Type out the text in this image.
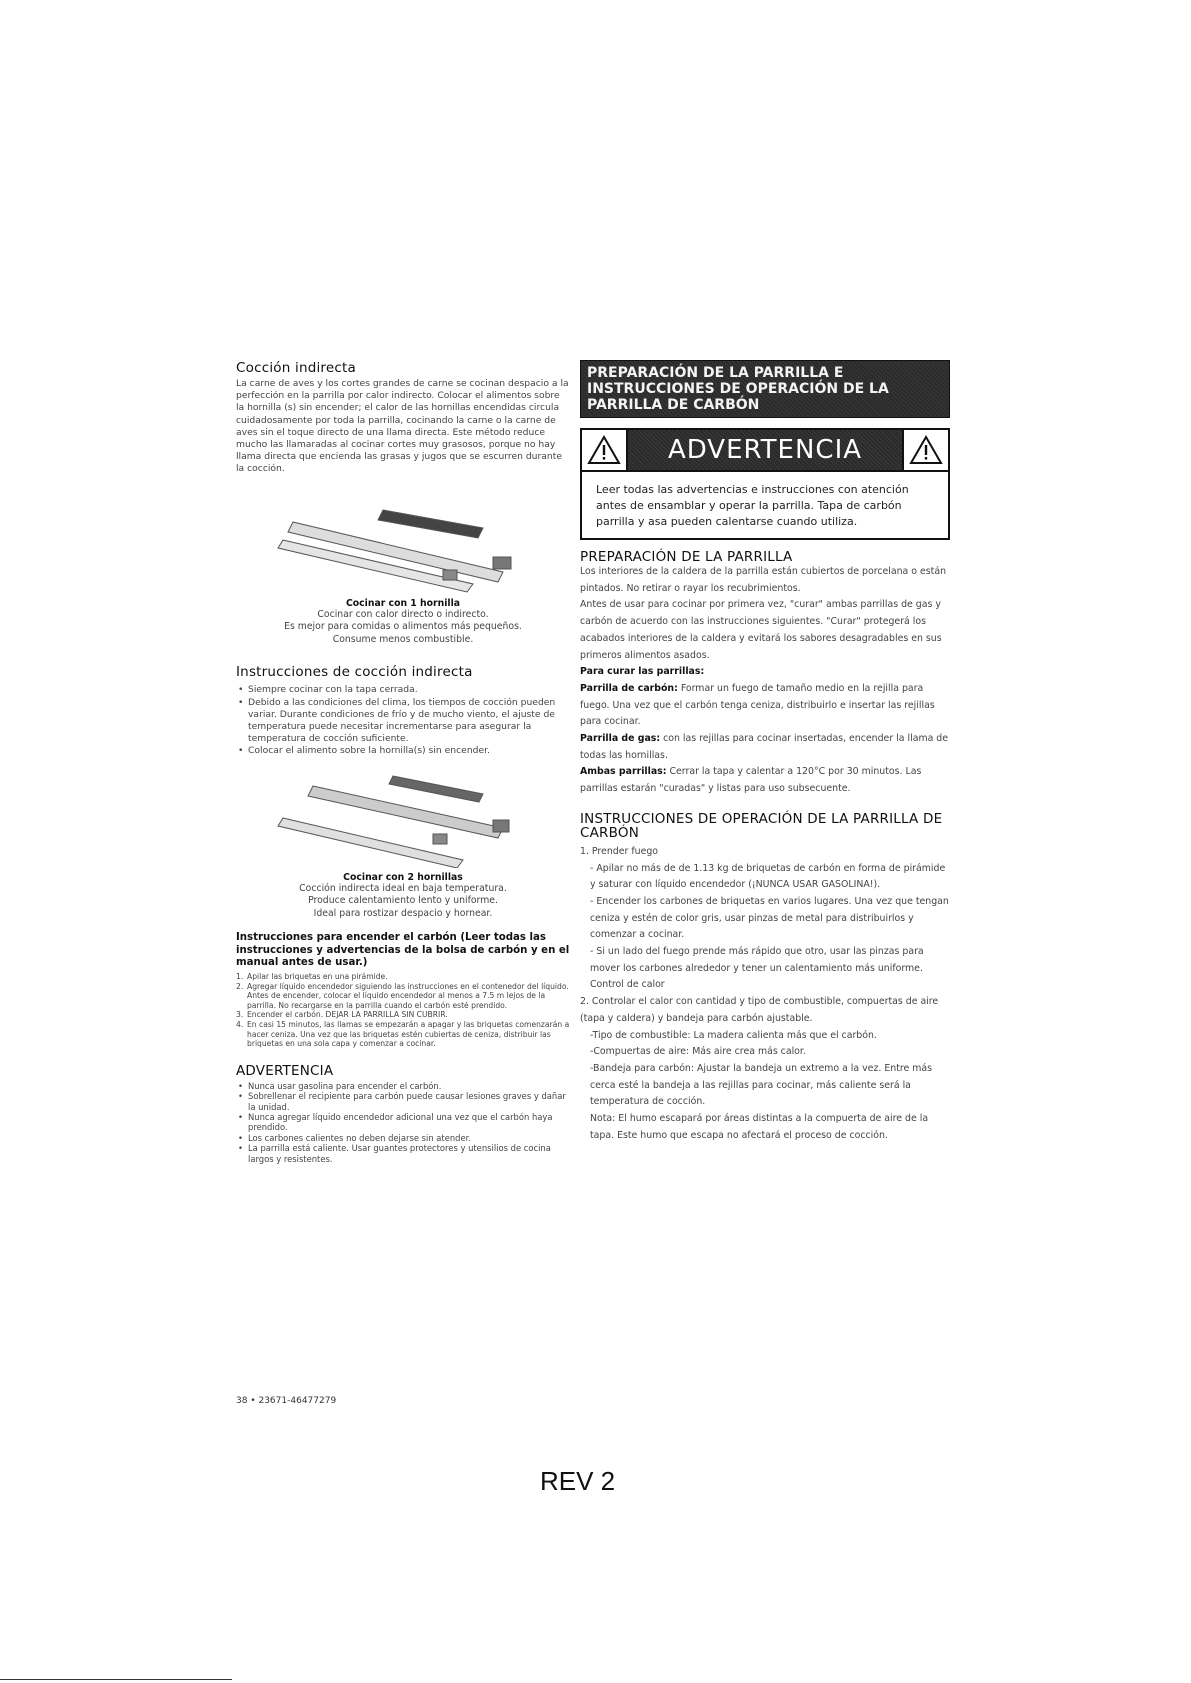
Cocción indirecta

La carne de aves y los cortes grandes de carne se cocinan despacio a la perfección en la parrilla por calor indirecto. Colocar el alimentos sobre la hornilla (s) sin encender; el calor de las hornillas encendidas circula cuidadosamente por toda la parrilla, cocinando la carne o la carne de aves sin el toque directo de una llama directa. Este método reduce mucho las llamaradas al cocinar cortes muy grasosos, porque no hay llama directa que encienda las grasas y jugos que se escurren durante la cocción.

Cocinar con 1 hornilla
Cocinar con calor directo o indirecto.
Es mejor para comidas o alimentos más pequeños.
Consume menos combustible.
Instrucciones de cocción indirecta
• Siempre cocinar con la tapa cerrada.
• Debido a las condiciones del clima, los tiempos de cocción pueden variar. Durante condiciones de frío y de mucho viento, el ajuste de temperatura puede necesitar incrementarse para asegurar la temperatura de cocción suficiente.
• Colocar el alimento sobre la hornilla(s) sin encender.
Cocinar con 2 hornillas
Cocción indirecta ideal en baja temperatura.
Produce calentamiento lento y uniforme.
Ideal para rostizar despacio y hornear.
Instrucciones para encender el carbón (Leer todas las instrucciones y advertencias de la bolsa de carbón y en el manual antes de usar.)
1. Apilar las briquetas en una pirámide.
2. Agregar líquido encendedor siguiendo las instrucciones en el contenedor del líquido. Antes de encender, colocar el líquido encendedor al menos a 7.5 m lejos de la parrilla. No recargarse en la parrilla cuando el carbón esté prendido.
3. Encender el carbón. DEJAR LA PARRILLA SIN CUBRIR.
4. En casi 15 minutos, las llamas se empezarán a apagar y las briquetas comenzarán a hacer ceniza. Una vez que las briquetas estén cubiertas de ceniza, distribuir las briquetas en una sola capa y comenzar a cocinar.
ADVERTENCIA
• Nunca usar gasolina para encender el carbón.
• Sobrellenar el recipiente para carbón puede causar lesiones graves y dañar la unidad.
• Nunca agregar líquido encendedor adicional una vez que el carbón haya prendido.
• Los carbones calientes no deben dejarse sin atender.
• La parrilla está caliente. Usar guantes protectores y utensilios de cocina largos y resistentes.
PREPARACIÓN DE LA PARRILLA E INSTRUCCIONES DE OPERACIÓN DE LA PARRILLA DE CARBÓN
ADVERTENCIA
Leer todas las advertencias e instrucciones con atención antes de ensamblar y operar la parrilla. Tapa de carbón parrilla y asa pueden calentarse cuando utiliza.
PREPARACIÓN DE LA PARRILLA

Los interiores de la caldera de la parrilla están cubiertos de porcelana o están pintados. No retirar o rayar los recubrimientos.

Antes de usar para cocinar por primera vez, "curar" ambas parrillas de gas y carbón de acuerdo con las instrucciones siguientes. "Curar" protegerá los acabados interiores de la caldera y evitará los sabores desagradables en sus primeros alimentos asados.

Para curar las parrillas:

Parrilla de carbón: Formar un fuego de tamaño medio en la rejilla para fuego. Una vez que el carbón tenga ceniza, distribuirlo e insertar las rejillas para cocinar.

Parrilla de gas: con las rejillas para cocinar insertadas, encender la llama de todas las hornillas.

Ambas parrillas: Cerrar la tapa y calentar a 120°C por 30 minutos. Las parrillas estarán "curadas" y listas para uso subsecuente.

INSTRUCCIONES DE OPERACIÓN DE LA PARRILLA DE CARBÓN
1. Prender fuego
- Apilar no más de de 1.13 kg de briquetas de carbón en forma de pirámide y saturar con líquido encendedor (¡NUNCA USAR GASOLINA!).
- Encender los carbones de briquetas en varios lugares. Una vez que tengan ceniza y estén de color gris, usar pinzas de metal para distribuirlos y comenzar a cocinar.
- Si un lado del fuego prende más rápido que otro, usar las pinzas para mover los carbones alrededor y tener un calentamiento más uniforme.
Control de calor
2. Controlar el calor con cantidad y tipo de combustible, compuertas de aire (tapa y caldera) y bandeja para carbón ajustable.
-Tipo de combustible: La madera calienta más que el carbón.
-Compuertas de aire: Más aire crea más calor.
-Bandeja para carbón: Ajustar la bandeja un extremo a la vez. Entre más cerca esté la bandeja a las rejillas para cocinar, más caliente será la temperatura de cocción.
Nota: El humo escapará por áreas distintas a la compuerta de aire de la tapa. Este humo que escapa no afectará el proceso de cocción.
38 • 23671-46477279
REV 2
